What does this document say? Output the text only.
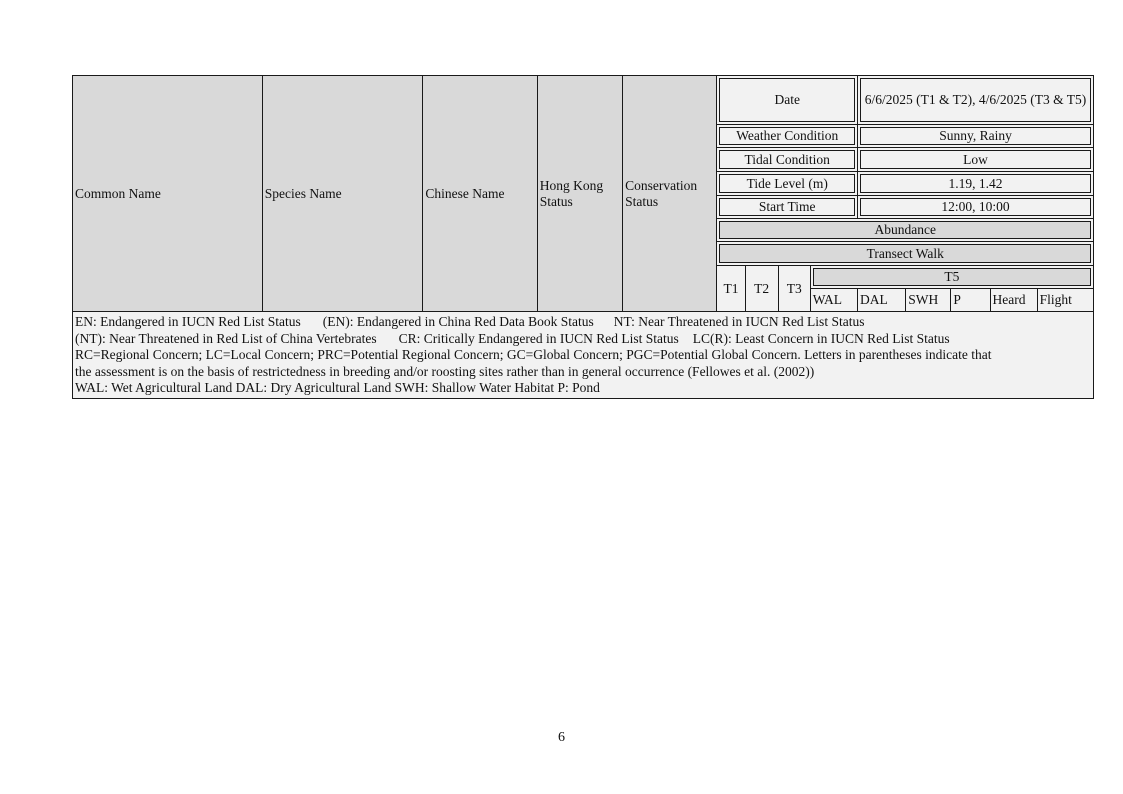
Common Name	Species Name	Chinese Name	Hong Kong Status	Conservation Status	Date				6/6/2025 (T1 & T2), 4/6/2025 (T3 & T5)				
					Weather Condition				Sunny, Rainy				
					Tidal Condition				Low				
					Tide Level (m)				1.19, 1.42				
					Start Time				12:00, 10:00				
					Abundance								
					Transect Walk								
					T1	T2	T3	T5					
								WAL	DAL	SWH	P	Heard	Flight

EN: Endangered in IUCN Red List Status (EN): Endangered in China Red Data Book Status NT: Near Threatened in IUCN Red List Status
(NT): Near Threatened in Red List of China Vertebrates CR: Critically Endangered in IUCN Red List Status LC(R): Least Concern in IUCN Red List Status
RC=Regional Concern; LC=Local Concern; PRC=Potential Regional Concern; GC=Global Concern; PGC=Potential Global Concern. Letters in parentheses indicate that
the assessment is on the basis of restrictedness in breeding and/or roosting sites rather than in general occurrence (Fellowes et al. (2002))
WAL: Wet Agricultural Land DAL: Dry Agricultural Land SWH: Shallow Water Habitat P: Pond													
6
